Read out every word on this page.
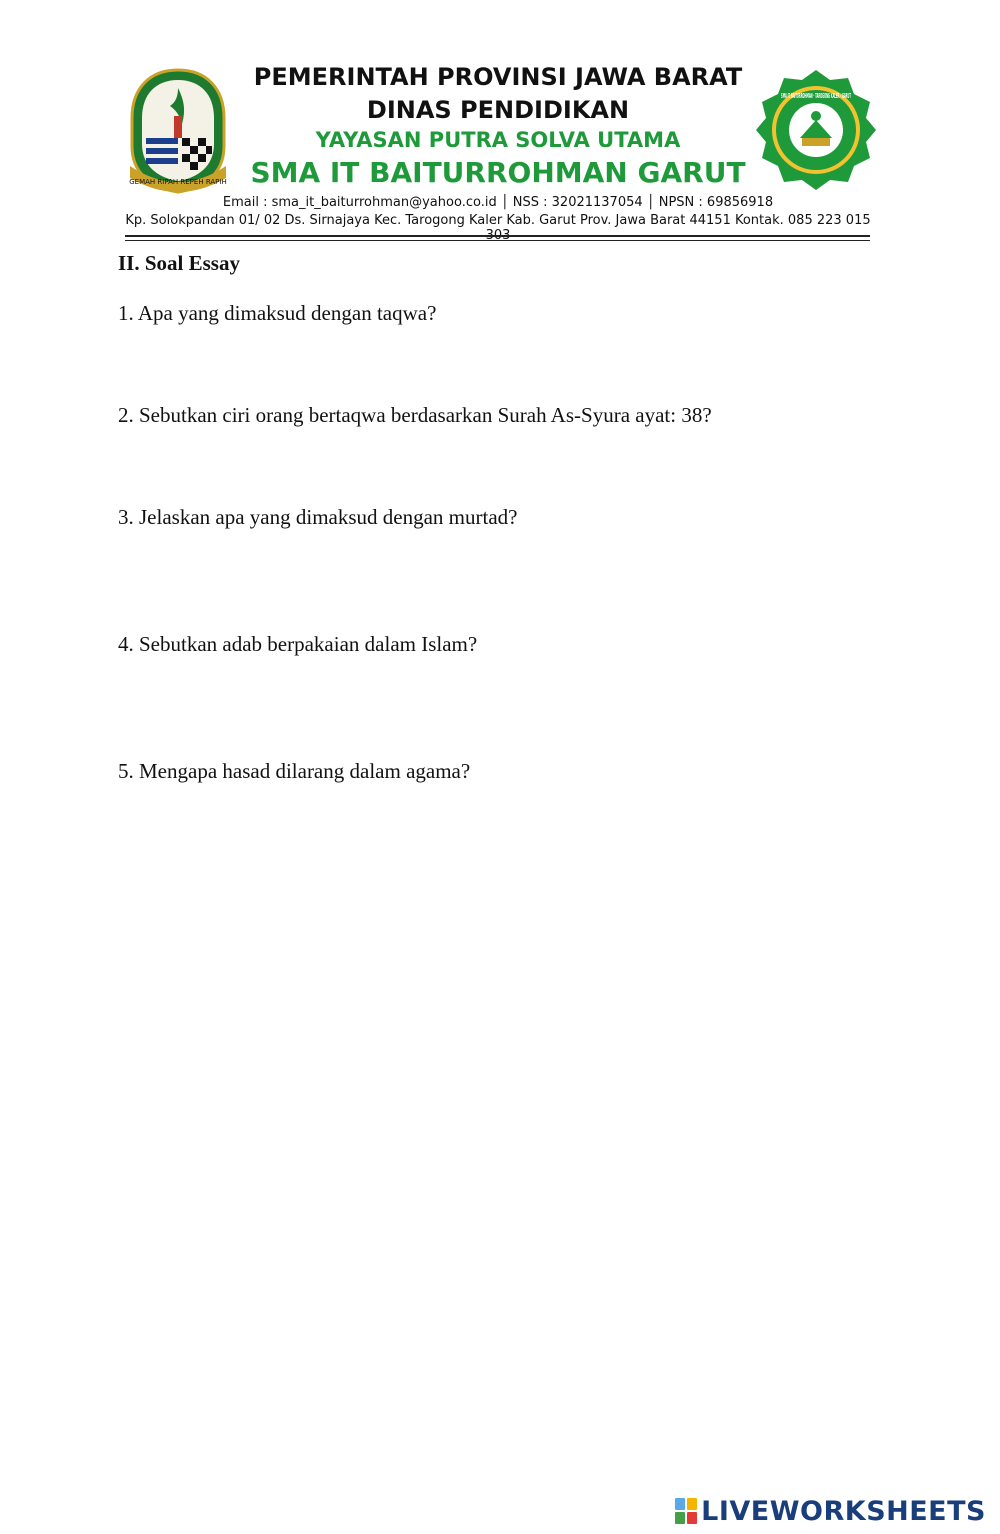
GEMAH RIPAH REPEH RAPIH
PEMERINTAH PROVINSI JAWA BARAT
DINAS PENDIDIKAN
YAYASAN PUTRA SOLVA UTAMA
SMA IT BAITURROHMAN GARUT
Email : sma_it_baiturrohman@yahoo.co.id │ NSS : 32021137054 │ NPSN : 69856918
Kp. Solokpandan 01/ 02 Ds. Sirnajaya Kec. Tarogong Kaler Kab. Garut Prov. Jawa Barat 44151 Kontak. 085 223 015 303
SMA IT BAITURROHMAN · TAROGONG KALER - GARUT
II. Soal Essay
1. Apa yang dimaksud dengan taqwa?
2. Sebutkan ciri orang bertaqwa berdasarkan Surah As-Syura ayat: 38?
3. Jelaskan apa yang dimaksud dengan murtad?
4. Sebutkan adab berpakaian dalam Islam?
5. Mengapa hasad dilarang dalam agama?
LIVEWORKSHEETS
